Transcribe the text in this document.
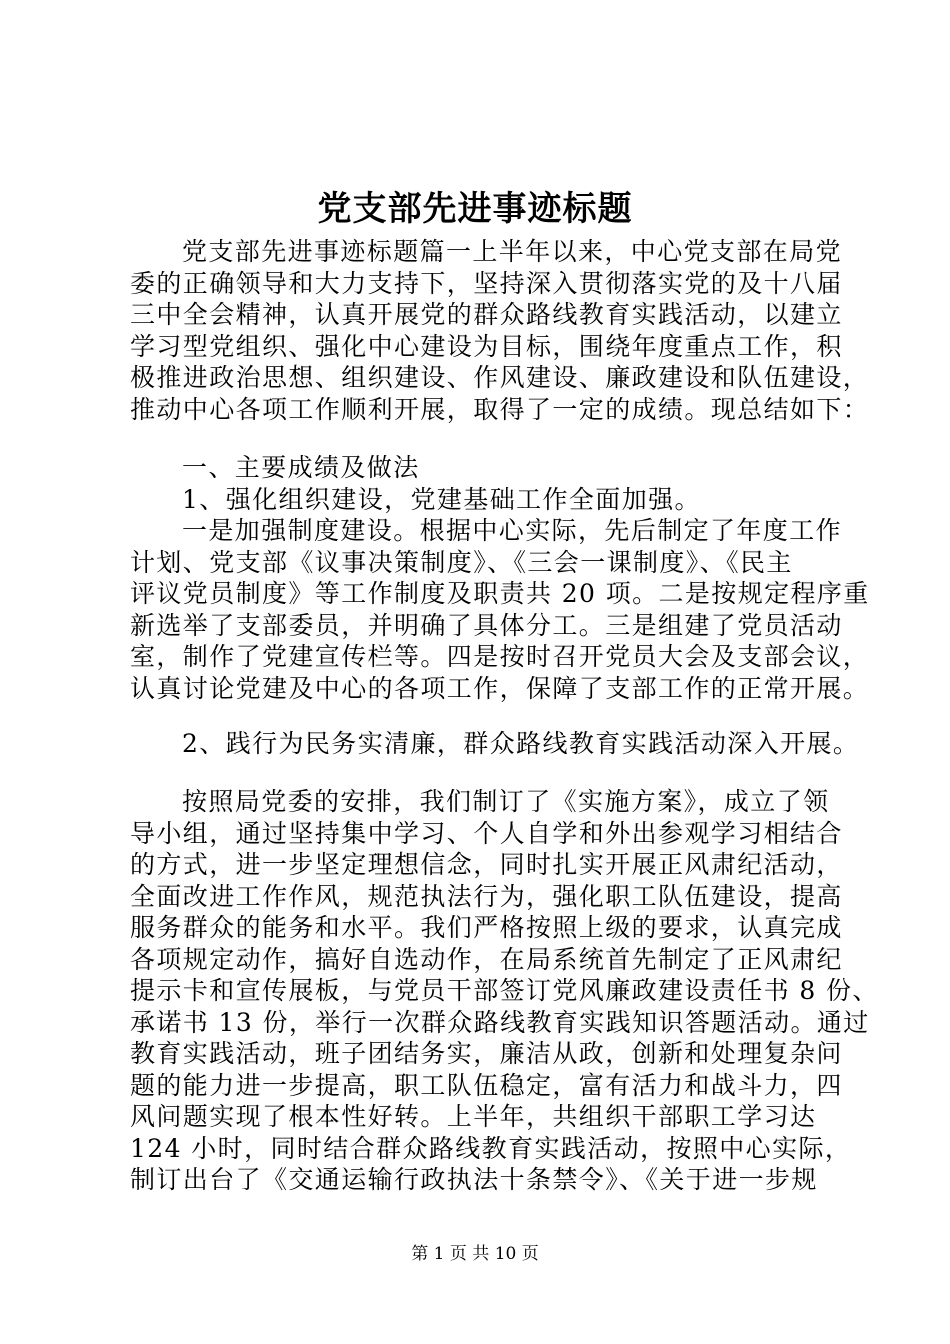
党支部先进事迹标题
党支部先进事迹标题篇一上半年以来，中心党支部在局党
委的正确领导和大力支持下，坚持深入贯彻落实党的及十八届
三中全会精神，认真开展党的群众路线教育实践活动，以建立
学习型党组织、强化中心建设为目标，围绕年度重点工作，积
极推进政治思想、组织建设、作风建设、廉政建设和队伍建设，
推动中心各项工作顺利开展，取得了一定的成绩。现总结如下：
一、主要成绩及做法
1、强化组织建设，党建基础工作全面加强。
一是加强制度建设。根据中心实际，先后制定了年度工作
计划、党支部《议事决策制度》、《三会一课制度》、《民主
评议党员制度》等工作制度及职责共 20 项。二是按规定程序重
新选举了支部委员，并明确了具体分工。三是组建了党员活动
室，制作了党建宣传栏等。四是按时召开党员大会及支部会议，
认真讨论党建及中心的各项工作，保障了支部工作的正常开展。
2、践行为民务实清廉，群众路线教育实践活动深入开展。
按照局党委的安排，我们制订了《实施方案》，成立了领
导小组，通过坚持集中学习、个人自学和外出参观学习相结合
的方式，进一步坚定理想信念，同时扎实开展正风肃纪活动，
全面改进工作作风，规范执法行为，强化职工队伍建设，提高
服务群众的能务和水平。我们严格按照上级的要求，认真完成
各项规定动作，搞好自选动作，在局系统首先制定了正风肃纪
提示卡和宣传展板，与党员干部签订党风廉政建设责任书 8 份、
承诺书 13 份，举行一次群众路线教育实践知识答题活动。通过
教育实践活动，班子团结务实，廉洁从政，创新和处理复杂问
题的能力进一步提高，职工队伍稳定，富有活力和战斗力，四
风问题实现了根本性好转。上半年，共组织干部职工学习达
124 小时，同时结合群众路线教育实践活动，按照中心实际，
制订出台了《交通运输行政执法十条禁令》、《关于进一步规
第 1 页 共 10 页
